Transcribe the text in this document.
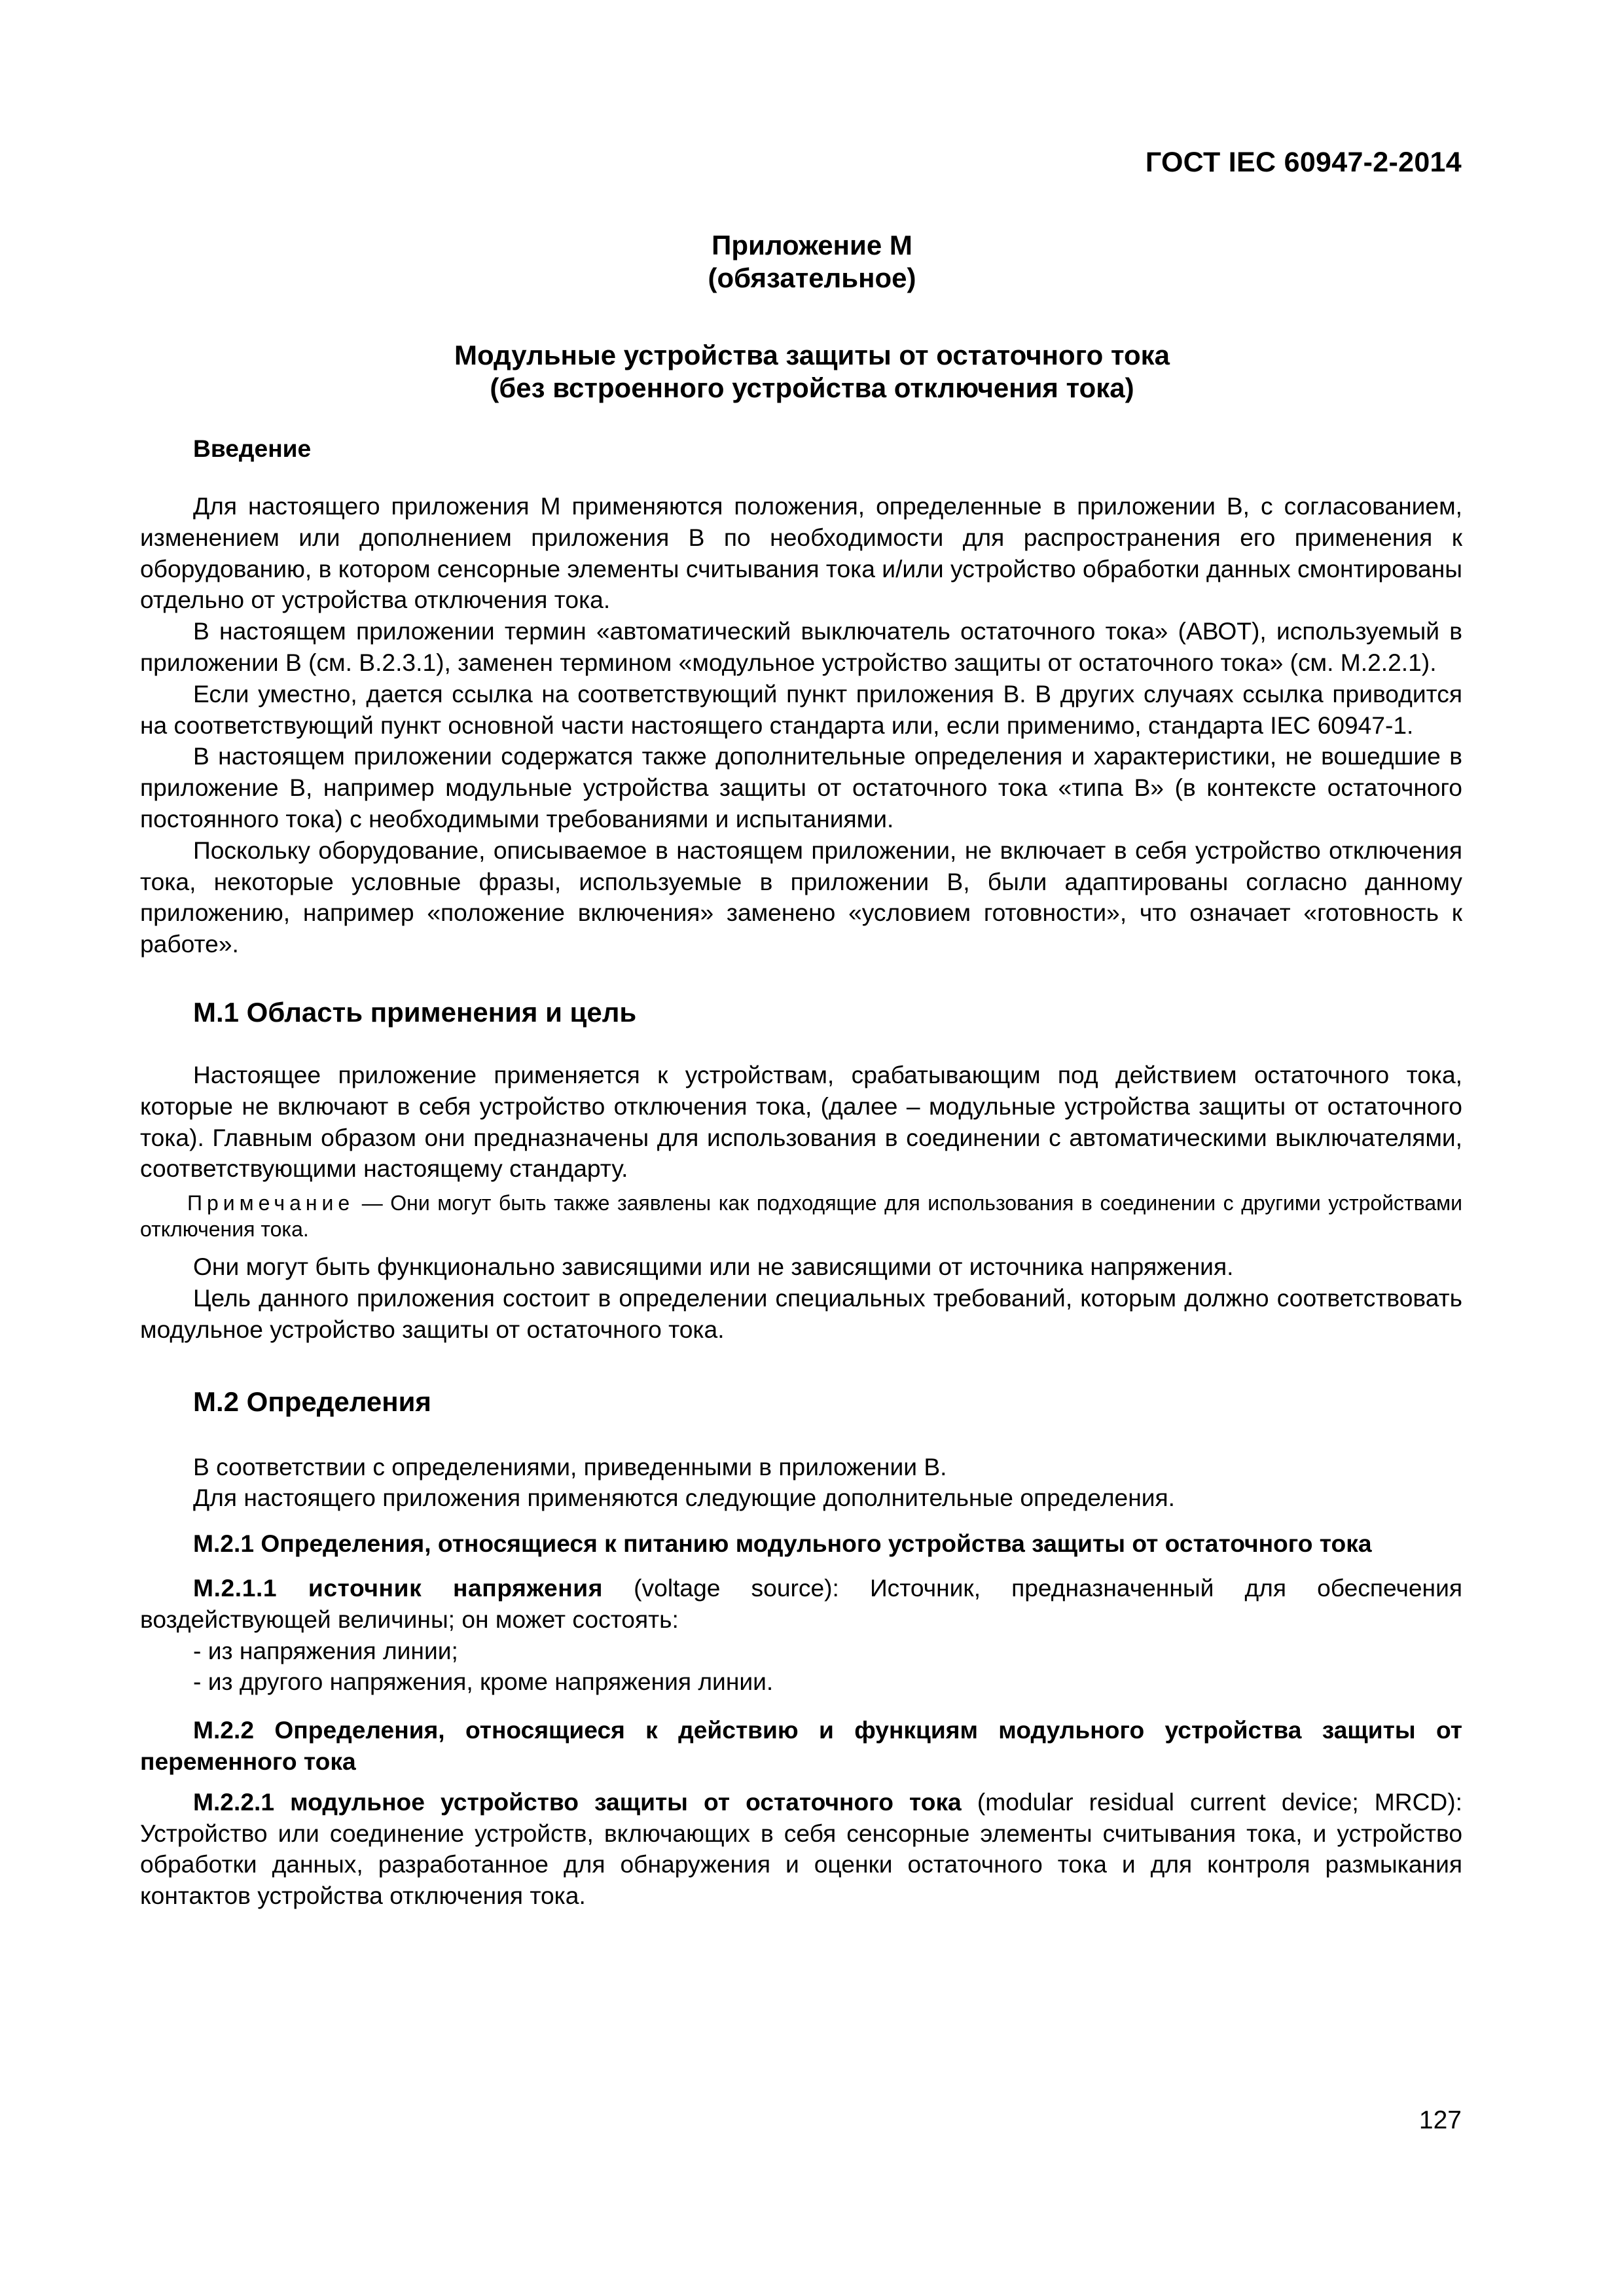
ГОСТ IEC 60947-2-2014
Приложение М
(обязательное)
Модульные устройства защиты от остаточного тока
(без встроенного устройства отключения тока)

Введение

Для настоящего приложения М применяются положения, определенные в приложении В, с согласованием, изменением или дополнением приложения В по необходимости для распространения его применения к оборудованию, в котором сенсорные элементы считывания тока и/или устройство обработки данных смонтированы отдельно от устройства отключения тока.

В настоящем приложении термин «автоматический выключатель остаточного тока» (АВОТ), используемый в приложении В (см. В.2.3.1), заменен термином «модульное устройство защиты от остаточного тока» (см. М.2.2.1).

Если уместно, дается ссылка на соответствующий пункт приложения В. В других случаях ссылка приводится на соответствующий пункт основной части настоящего стандарта или, если применимо, стандарта IEC 60947-1.

В настоящем приложении содержатся также дополнительные определения и характеристики, не вошедшие в приложение В, например модульные устройства защиты от остаточного тока «типа В» (в контексте остаточного постоянного тока) с необходимыми требованиями и испытаниями.

Поскольку оборудование, описываемое в настоящем приложении, не включает в себя устройство отключения тока, некоторые условные фразы, используемые в приложении В, были адаптированы согласно данному приложению, например «положение включения» заменено «условием готовности», что означает «готовность к работе».

М.1 Область применения и цель

Настоящее приложение применяется к устройствам, срабатывающим под действием остаточного тока, которые не включают в себя устройство отключения тока, (далее – модульные устройства защиты от остаточного тока). Главным образом они предназначены для использования в соединении с автоматическими выключателями, соответствующими настоящему стандарту.

Примечание — Они могут быть также заявлены как подходящие для использования в соединении с другими устройствами отключения тока.

Они могут быть функционально зависящими или не зависящими от источника напряжения.

Цель данного приложения состоит в определении специальных требований, которым должно соответствовать модульное устройство защиты от остаточного тока.

М.2 Определения

В соответствии с определениями, приведенными в приложении В.

Для настоящего приложения применяются следующие дополнительные определения.

М.2.1 Определения, относящиеся к питанию модульного устройства защиты от остаточного тока

М.2.1.1 источник напряжения (voltage source): Источник, предназначенный для обеспечения воздействующей величины; он может состоять:

- из напряжения линии;

- из другого напряжения, кроме напряжения линии.

М.2.2 Определения, относящиеся к действию и функциям модульного устройства защиты от переменного тока

М.2.2.1 модульное устройство защиты от остаточного тока (modular residual current device; MRCD): Устройство или соединение устройств, включающих в себя сенсорные элементы считывания тока, и устройство обработки данных, разработанное для обнаружения и оценки остаточного тока и для контроля размыкания контактов устройства отключения тока.

127
